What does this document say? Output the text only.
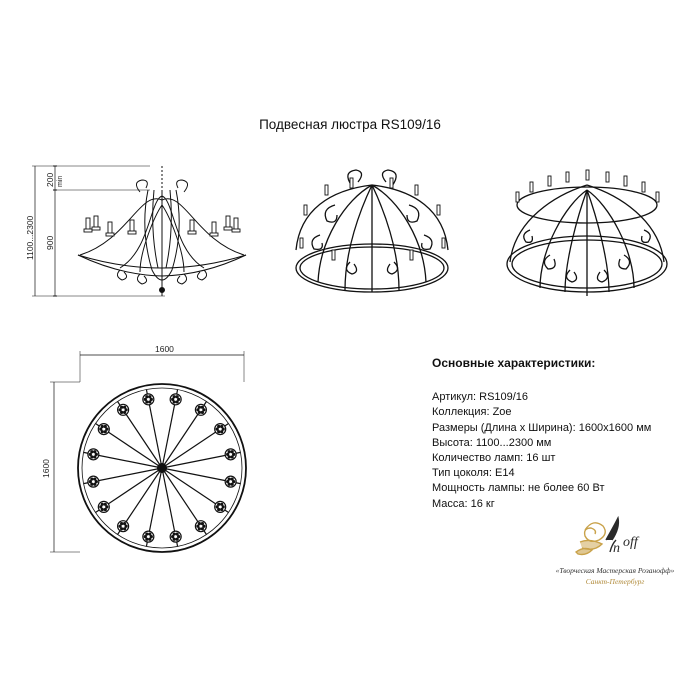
Подвесная люстра RS109/16
1100...2300
200 min
900
1600
1600
Основные характеристики:
Артикул: RS109/16
Коллекция: Zoe
Размеры (Длина х Ширина): 1600x1600 мм
Высота: 1100...2300 мм
Количество ламп: 16 шт
Тип цоколя: E14
Мощность лампы: не более 60 Вт
Масса: 16 кг
n off
«Творческая Мастерская Розанофф»
Санкт-Петербург
